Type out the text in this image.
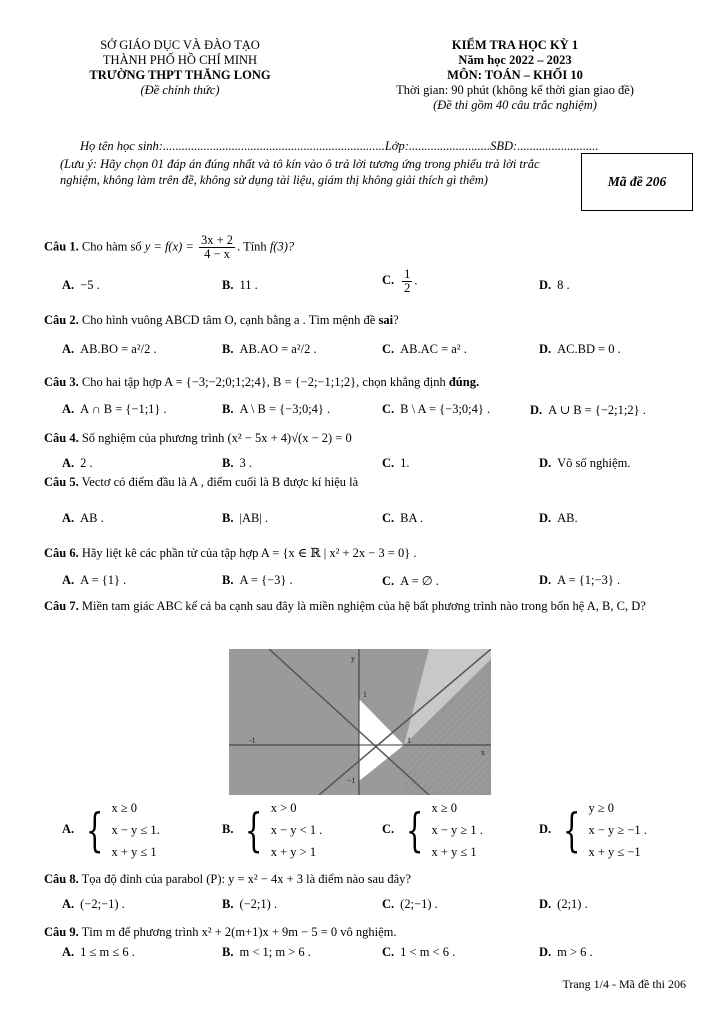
SỞ GIÁO DỤC VÀ ĐÀO TẠO
THÀNH PHỐ HỒ CHÍ MINH
TRƯỜNG THPT THĂNG LONG
(Đề chính thức)
KIỂM TRA HỌC KỲ 1
Năm học 2022 – 2023
MÔN: TOÁN – KHỐI 10
Thời gian: 90 phút (không kể thời gian giao đề)
(Đề thi gồm 40 câu trắc nghiệm)
Họ tên học sinh:.......................................................................Lớp:..........................SBD:..........................
(Lưu ý: Hãy chọn 01 đáp án đúng nhất và tô kín vào ô trả lời tương ứng trong phiếu trả lời trắc nghiệm, không làm trên đề, không sử dụng tài liệu, giám thị không giải thích gì thêm)	Mã đề 206
Câu 1. Cho hàm số $y = f(x) = \frac{3x + 2}{4 - x}$ . Tính f(3)?
A. −5 .	B. 11 .	C. $\frac{1}{2}$ .	D. 8 .
Câu 2. Cho hình vuông ABCD tâm O, cạnh bằng a . Tìm mệnh đề sai?
A. AB.BO = a²/2 .	B. AB.AO = a²/2 .	C. AB.AC = a² .	D. AC.BD = 0 .
Câu 3. Cho hai tập hợp A = {−3;−2;0;1;2;4}, B = {−2;−1;1;2}, chọn khẳng định đúng.
A. A ∩ B = {−1;1} .	B. A \ B = {−3;0;4} .	C. B \ A = {−3;0;4} .	D. A ∪ B = {−2;1;2} .
Câu 4. Số nghiệm của phương trình (x² − 5x + 4)√(x − 2) = 0
A. 2 .	B. 3 .	C. 1.	D. Vô số nghiệm.
Câu 5. Vectơ có điểm đầu là A , điểm cuối là B được kí hiệu là
A. AB .	B. |AB| .	C. BA .	D. AB.
Câu 6. Hãy liệt kê các phần tử của tập hợp A = {x ∈ ℝ | x² + 2x − 3 = 0} .
A. A = {1} .	B. A = {−3} .	C. A = ∅ .	D. A = {1;−3} .
Câu 7. Miền tam giác ABC kể cả ba cạnh sau đây là miền nghiệm của hệ bất phương trình nào trong bốn hệ A, B, C, D?
y
1
−1
-1	1
x
A. { x ≥ 0
x − y ≤ 1.
x + y ≤ 1
B. { x > 0
x − y < 1 .
x + y > 1
C. { x ≥ 0
x − y ≥ 1 .
x + y ≤ 1
D. { y ≥ 0
x − y ≥ −1 .
x + y ≤ −1
Câu 8. Tọa độ đỉnh của parabol (P): y = x² − 4x + 3 là điểm nào sau đây?
A. (−2;−1) .	B. (−2;1) .	C. (2;−1) .	D. (2;1) .
Câu 9. Tìm m để phương trình x² + 2(m+1)x + 9m − 5 = 0 vô nghiệm.
A. 1 ≤ m ≤ 6 .	B. m < 1; m > 6 .	C. 1 < m < 6 .	D. m > 6 .
Trang 1/4 - Mã đề thi 206
